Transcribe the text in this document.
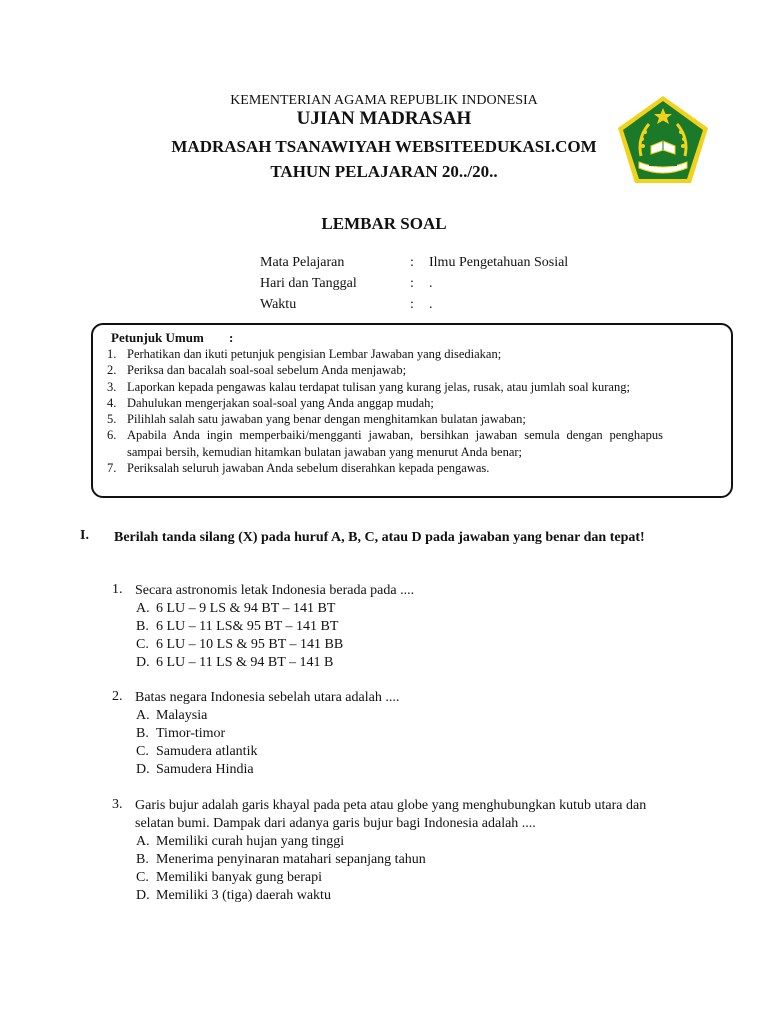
KEMENTERIAN AGAMA REPUBLIK INDONESIA
UJIAN MADRASAH
MADRASAH TSANAWIYAH WEBSITEEDUKASI.COM
TAHUN PELAJARAN 20../20..
LEMBAR SOAL
Mata Pelajaran	: Ilmu Pengetahuan Sosial
Hari dan Tanggal	: .
Waktu	: .
Petunjuk Umum :
1. Perhatikan dan ikuti petunjuk pengisian Lembar Jawaban yang disediakan;
2. Periksa dan bacalah soal-soal sebelum Anda menjawab;
3. Laporkan kepada pengawas kalau terdapat tulisan yang kurang jelas, rusak, atau jumlah soal kurang;
4. Dahulukan mengerjakan soal-soal yang Anda anggap mudah;
5. Pilihlah salah satu jawaban yang benar dengan menghitamkan bulatan jawaban;
6. Apabila Anda ingin memperbaiki/mengganti jawaban, bersihkan jawaban semula dengan penghapus sampai bersih, kemudian hitamkan bulatan jawaban yang menurut Anda benar;
7. Periksalah seluruh jawaban Anda sebelum diserahkan kepada pengawas.
I. Berilah tanda silang (X) pada huruf A, B, C, atau D pada jawaban yang benar dan tepat!
1. Secara astronomis letak Indonesia berada pada ....
A. 6 LU – 9 LS & 94 BT – 141 BT
B. 6 LU – 11 LS& 95 BT – 141 BT
C. 6 LU – 10 LS & 95 BT – 141 BB
D. 6 LU – 11 LS & 94 BT – 141 B
2. Batas negara Indonesia sebelah utara adalah ....
A. Malaysia
B. Timor-timor
C. Samudera atlantik
D. Samudera Hindia
3. Garis bujur adalah garis khayal pada peta atau globe yang menghubungkan kutub utara dan selatan bumi. Dampak dari adanya garis bujur bagi Indonesia adalah ....
A. Memiliki curah hujan yang tinggi
B. Menerima penyinaran matahari sepanjang tahun
C. Memiliki banyak gung berapi
D. Memiliki 3 (tiga) daerah waktu
